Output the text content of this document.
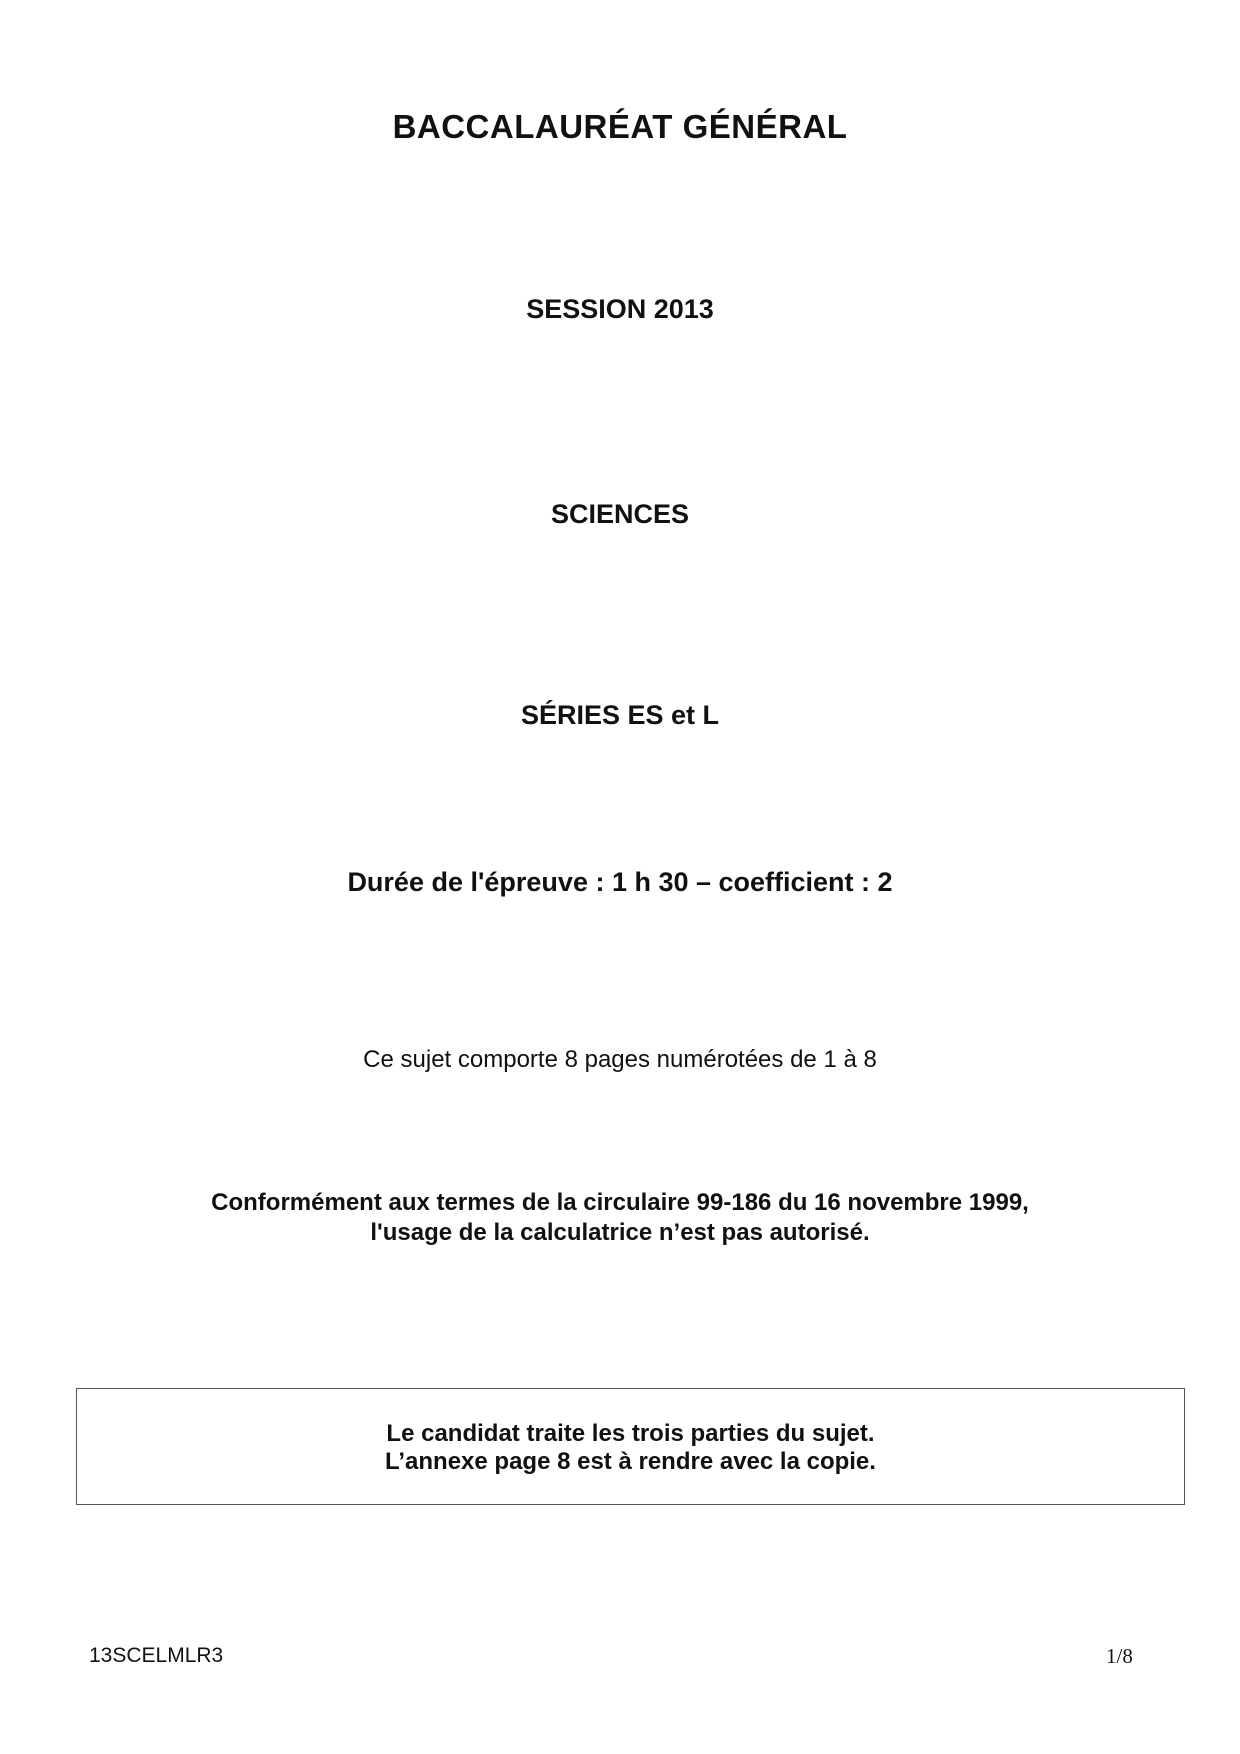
BACCALAURÉAT GÉNÉRAL
SESSION 2013
SCIENCES
SÉRIES ES et L
Durée de l'épreuve : 1 h 30 – coefficient : 2
Ce sujet comporte 8 pages numérotées de 1 à 8
Conformément aux termes de la circulaire 99-186 du 16 novembre 1999,
l'usage de la calculatrice n’est pas autorisé.
Le candidat traite les trois parties du sujet.
L’annexe page 8 est à rendre avec la copie.
13SCELMLR3	1/8
